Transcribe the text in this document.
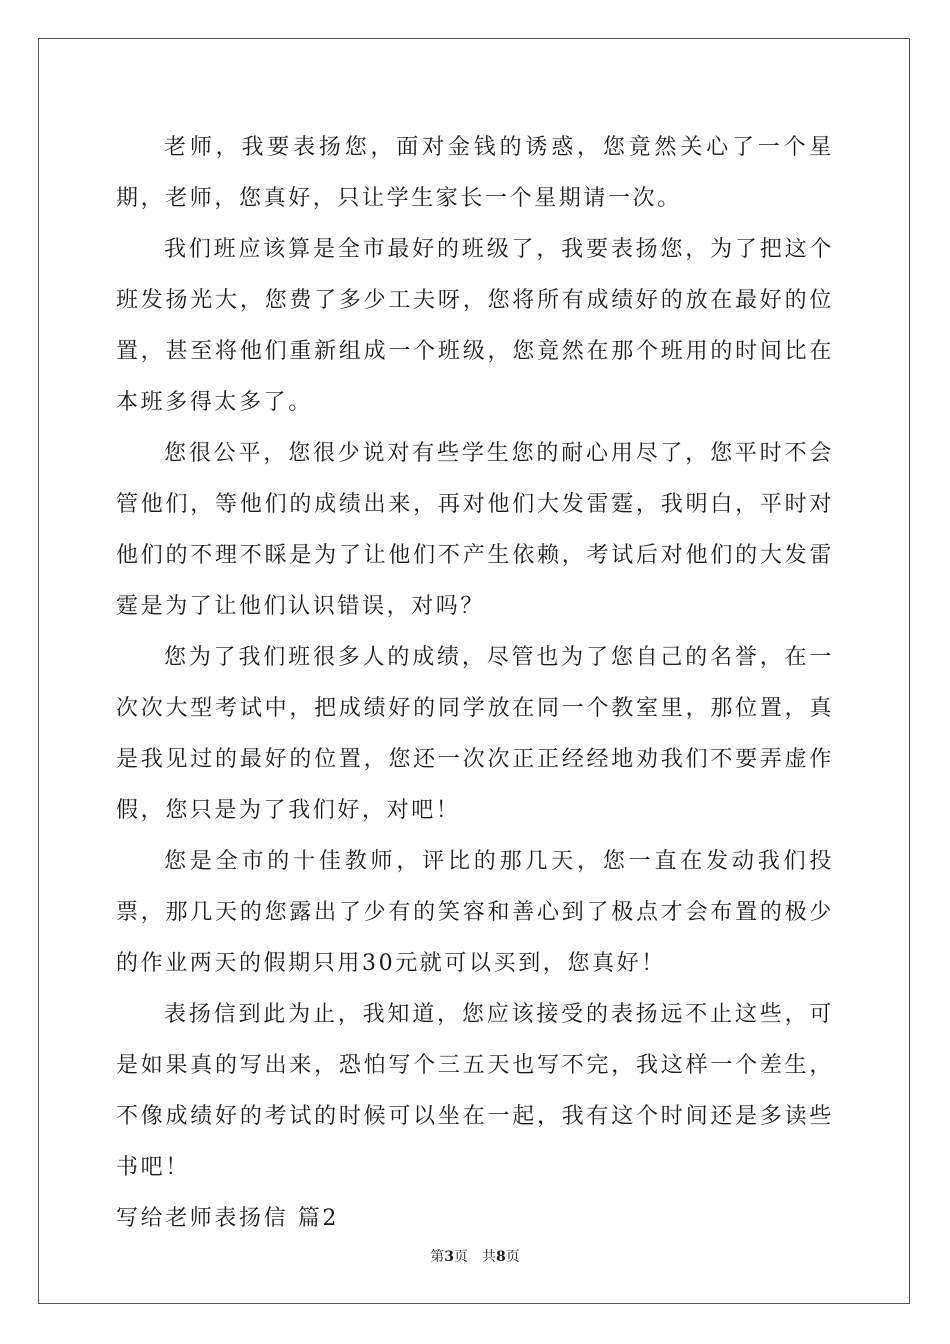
老师，我要表扬您，面对金钱的诱惑，您竟然关心了一个星期，老师，您真好，只让学生家长一个星期请一次。

我们班应该算是全市最好的班级了，我要表扬您，为了把这个班发扬光大，您费了多少工夫呀，您将所有成绩好的放在最好的位置，甚至将他们重新组成一个班级，您竟然在那个班用的时间比在本班多得太多了。

您很公平，您很少说对有些学生您的耐心用尽了，您平时不会管他们，等他们的成绩出来，再对他们大发雷霆，我明白，平时对他们的不理不睬是为了让他们不产生依赖，考试后对他们的大发雷霆是为了让他们认识错误，对吗？

您为了我们班很多人的成绩，尽管也为了您自己的名誉，在一次次大型考试中，把成绩好的同学放在同一个教室里，那位置，真是我见过的最好的位置，您还一次次正正经经地劝我们不要弄虚作假，您只是为了我们好，对吧！

您是全市的十佳教师，评比的那几天，您一直在发动我们投票，那几天的您露出了少有的笑容和善心到了极点才会布置的极少的作业两天的假期只用30元就可以买到，您真好！

表扬信到此为止，我知道，您应该接受的表扬远不止这些，可是如果真的写出来，恐怕写个三五天也写不完，我这样一个差生，不像成绩好的考试的时候可以坐在一起，我有这个时间还是多读些书吧！

写给老师表扬信 篇2

第3页 共8页
